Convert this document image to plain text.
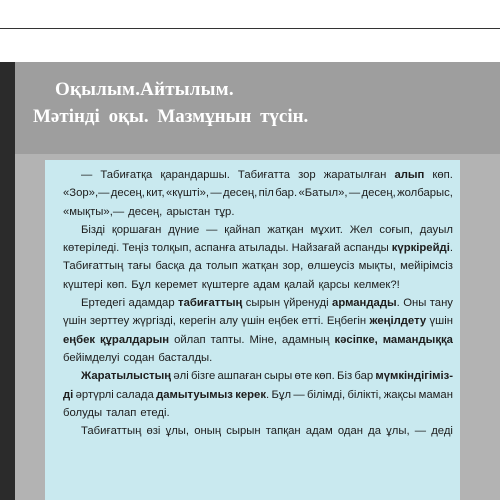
Оқылым.Айтылым.
Мәтінді оқы. Мазмұнын түсін.
— Табиғатқа қарандаршы. Табиғатта зор жаратылған алып көп.
«Зор»,— десең, кит, «күшті», — десең, піл бар. «Батыл», — десең, жолбарыс,
«мықты»,— десең, арыстан тұр.
Бізді қоршаған дүние — қайнап жатқан мұхит. Жел соғып, дауыл
көтеріледі. Теңіз толқып, аспанға атылады. Найзағай аспанды күркірейді.
Табиғаттың тағы басқа да толып жатқан зор, өлшеусіз мықты, мейірімсіз
күштері көп. Бұл керемет күштерге адам қалай қарсы келмек?!
Ертедегі адамдар табиғаттың сырын үйренуді армандады. Оны тану
үшін зерттеу жүргізді, керегін алу үшін еңбек етті. Еңбегін жеңілдету үшін
еңбек құралдарын ойлап тапты. Міне, адамның кәсіпке, мамандыққа
бейімделуі содан басталды.
Жаратылыстың әлі бізге ашпаған сыры өте көп. Біз бар мүмкіндігіміз-
ді әртүрлі салада дамытуымыз керек. Бұл — білімді, білікті, жақсы маман
болуды талап етеді.
Табиғаттың өзі ұлы, оның сырын тапқан адам одан да ұлы, — деді
